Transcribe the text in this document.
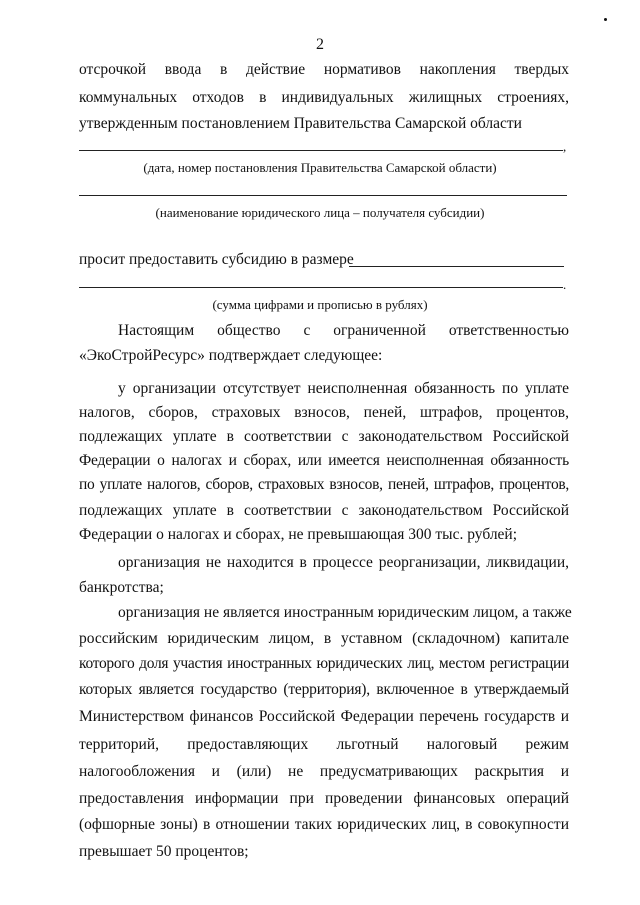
2
отсрочкой ввода в действие нормативов накопления твердых
коммунальных отходов в индивидуальных жилищных строениях,
утвержденным постановлением Правительства Самарской области
,
(дата, номер постановления Правительства Самарской области)
(наименование юридического лица – получателя субсидии)
просит предоставить субсидию в размере
.
(сумма цифрами и прописью в рублях)
Настоящим общество с ограниченной ответственностью
«ЭкоСтройРесурс» подтверждает следующее:
у организации отсутствует неисполненная обязанность по уплате
налогов, сборов, страховых взносов, пеней, штрафов, процентов,
подлежащих уплате в соответствии с законодательством Российской
Федерации о налогах и сборах, или имеется неисполненная обязанность
по уплате налогов, сборов, страховых взносов, пеней, штрафов, процентов,
подлежащих уплате в соответствии с законодательством Российской
Федерации о налогах и сборах, не превышающая 300 тыс. рублей;
организация не находится в процессе реорганизации, ликвидации,
банкротства;
организация не является иностранным юридическим лицом, а также
российским юридическим лицом, в уставном (складочном) капитале
которого доля участия иностранных юридических лиц, местом регистрации
которых является государство (территория), включенное в утверждаемый
Министерством финансов Российской Федерации перечень государств и
территорий, предоставляющих льготный налоговый режим
налогообложения и (или) не предусматривающих раскрытия и
предоставления информации при проведении финансовых операций
(офшорные зоны) в отношении таких юридических лиц, в совокупности
превышает 50 процентов;
